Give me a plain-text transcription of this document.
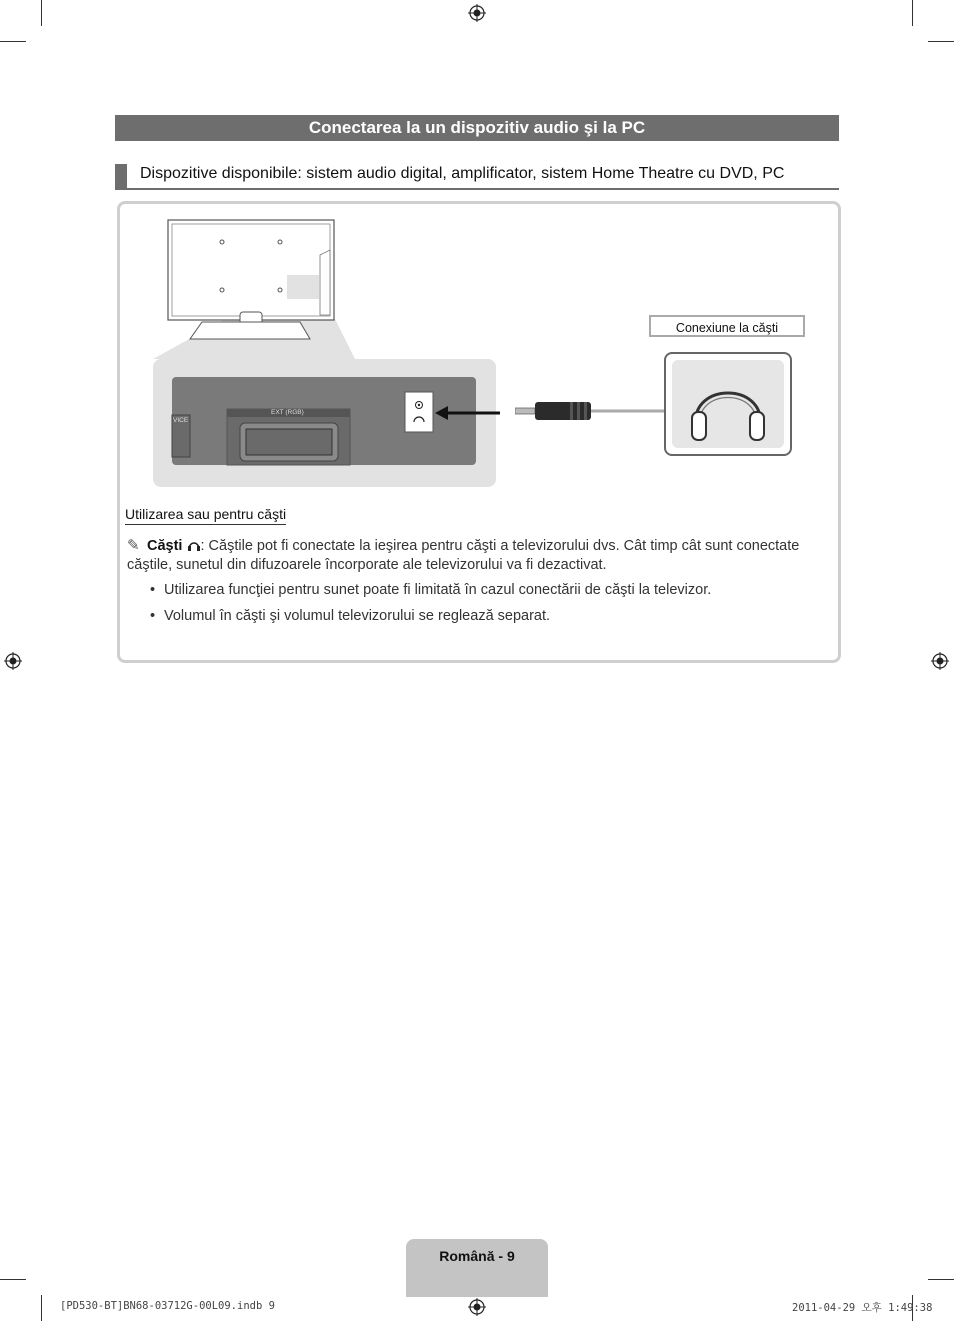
Conectarea la un dispozitiv audio şi la PC
Dispozitive disponibile: sistem audio digital, amplificator, sistem Home Theatre cu DVD, PC
EXT (RGB)
VICE
Conexiune la căşti
Utilizarea sau pentru căşti
✎ Căşti : Căştile pot fi conectate la ieşirea pentru căşti a televizorului dvs. Cât timp cât sunt conectate căştile, sunetul din difuzoarele încorporate ale televizorului va fi dezactivat.
• Utilizarea funcţiei pentru sunet poate fi limitată în cazul conectării de căşti la televizor.
• Volumul în căşti şi volumul televizorului se reglează separat.
Română - 9
[PD530-BT]BN68-03712G-00L09.indb 9	2011-04-29 오후 1:49:38
